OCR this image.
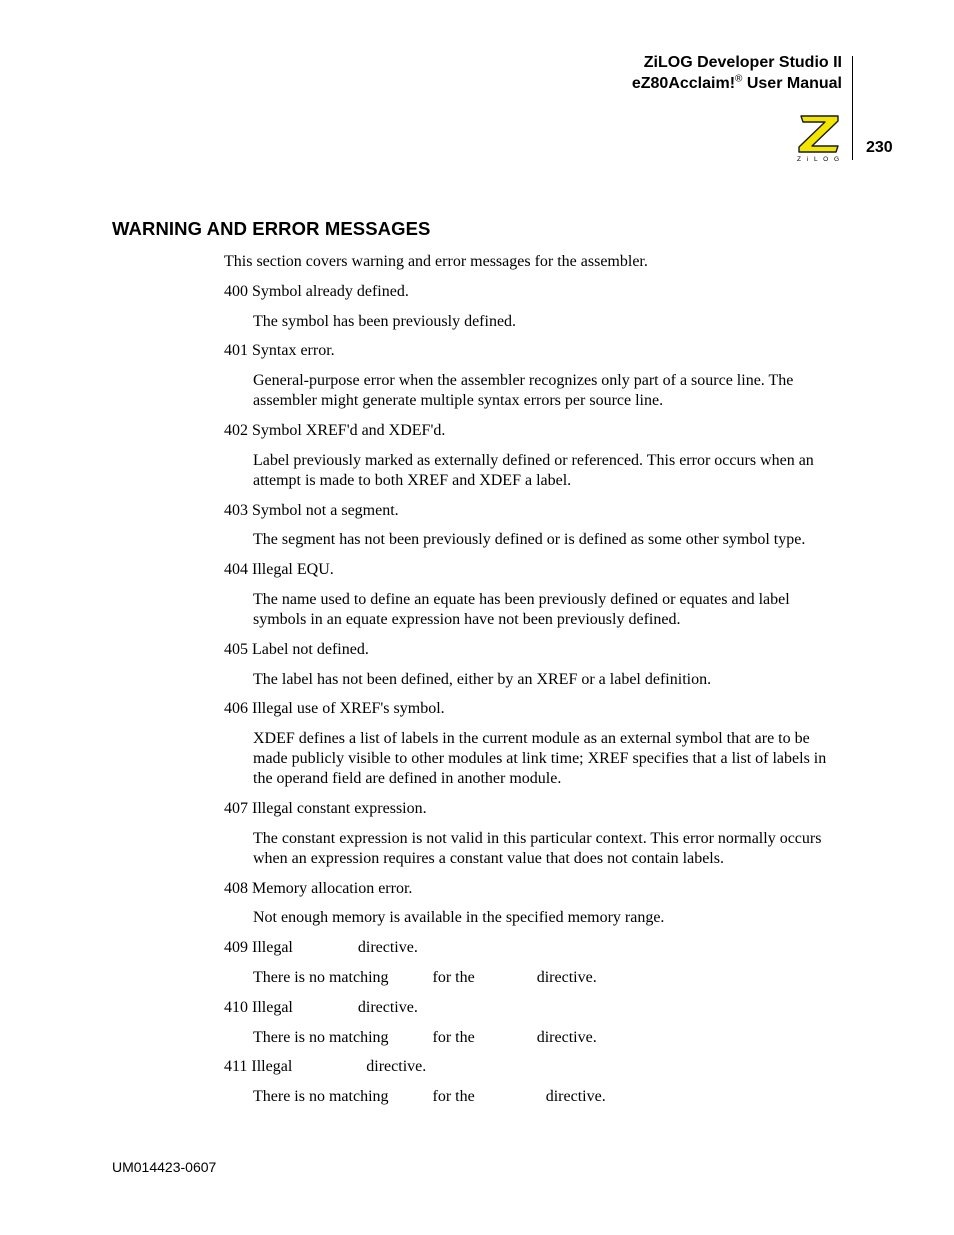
ZiLOG Developer Studio II
eZ80Acclaim!® User Manual
Z i L O G
230
WARNING AND ERROR MESSAGES
This section covers warning and error messages for the assembler.
400 Symbol already defined.
The symbol has been previously defined.
401 Syntax error.
General-purpose error when the assembler recognizes only part of a source line. The assembler might generate multiple syntax errors per source line.
402 Symbol XREF'd and XDEF'd.
Label previously marked as externally defined or referenced. This error occurs when an attempt is made to both XREF and XDEF a label.
403 Symbol not a segment.
The segment has not been previously defined or is defined as some other symbol type.
404 Illegal EQU.
The name used to define an equate has been previously defined or equates and label symbols in an equate expression have not been previously defined.
405 Label not defined.
The label has not been defined, either by an XREF or a label definition.
406 Illegal use of XREF's symbol.
XDEF defines a list of labels in the current module as an external symbol that are to be made publicly visible to other modules at link time; XREF specifies that a list of labels in the operand field are defined in another module.
407 Illegal constant expression.
The constant expression is not valid in this particular context. This error normally occurs when an expression requires a constant value that does not contain labels.
408 Memory allocation error.
Not enough memory is available in the specified memory range.
409 Illegal	directive.
There is no matching	for the	directive.
410 Illegal	directive.
There is no matching	for the	directive.
411 Illegal	directive.
There is no matching	for the	directive.
UM014423-0607
